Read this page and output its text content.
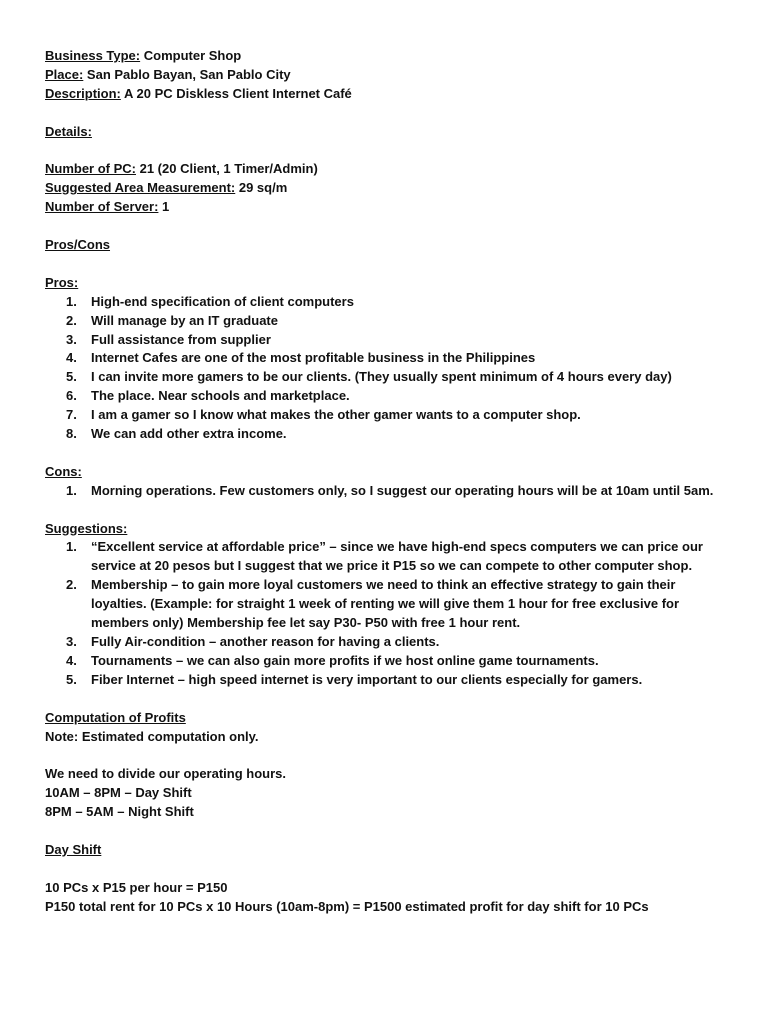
Business Type: Computer Shop
Place: San Pablo Bayan, San Pablo City
Description: A 20 PC Diskless Client Internet Café
Details:
Number of PC: 21 (20 Client, 1 Timer/Admin)
Suggested Area Measurement: 29 sq/m
Number of Server: 1
Pros/Cons
Pros:
1. High-end specification of client computers
2. Will manage by an IT graduate
3. Full assistance from supplier
4. Internet Cafes are one of the most profitable business in the Philippines
5. I can invite more gamers to be our clients. (They usually spent minimum of 4 hours every day)
6. The place. Near schools and marketplace.
7. I am a gamer so I know what makes the other gamer wants to a computer shop.
8. We can add other extra income.
Cons:
1. Morning operations. Few customers only, so I suggest our operating hours will be at 10am until 5am.
Suggestions:
1. “Excellent service at affordable price” – since we have high-end specs computers we can price our
service at 20 pesos but I suggest that we price it P15 so we can compete to other computer shop.
2. Membership – to gain more loyal customers we need to think an effective strategy to gain their
loyalties. (Example: for straight 1 week of renting we will give them 1 hour for free exclusive for
members only) Membership fee let say P30- P50 with free 1 hour rent.
3. Fully Air-condition – another reason for having a clients.
4. Tournaments – we can also gain more profits if we host online game tournaments.
5. Fiber Internet – high speed internet is very important to our clients especially for gamers.
Computation of Profits
Note: Estimated computation only.
We need to divide our operating hours.
10AM – 8PM – Day Shift
8PM – 5AM – Night Shift
Day Shift
10 PCs x P15 per hour = P150
P150 total rent for 10 PCs x 10 Hours (10am-8pm) = P1500 estimated profit for day shift for 10 PCs
